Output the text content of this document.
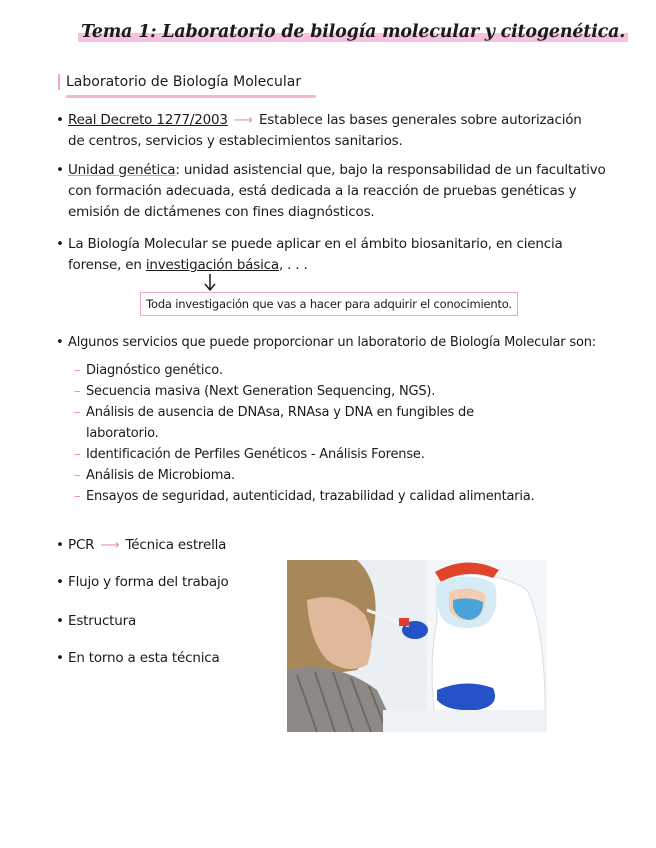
Tema 1: Laboratorio de bilogía molecular y citogenética.
Laboratorio de Biología Molecular
• Real Decreto 1277/2003 ⟶ Establece las bases generales sobre autorización
de centros, servicios y establecimientos sanitarios.
• Unidad genética: unidad asistencial que, bajo la responsabilidad de un facultativo
con formación adecuada, está dedicada a la reacción de pruebas genéticas y
emisión de dictámenes con fines diagnósticos.
• La Biología Molecular se puede aplicar en el ámbito biosanitario, en ciencia
forense, en investigación básica, . . .
Toda investigación que vas a hacer para adquirir el conocimiento.
• Algunos servicios que puede proporcionar un laboratorio de Biología Molecular son:
– Diagnóstico genético.
– Secuencia masiva (Next Generation Sequencing, NGS).
– Análisis de ausencia de DNAsa, RNAsa y DNA en fungibles de
laboratorio.
– Identificación de Perfiles Genéticos - Análisis Forense.
– Análisis de Microbioma.
– Ensayos de seguridad, autenticidad, trazabilidad y calidad alimentaria.
• PCR ⟶ Técnica estrella
• Flujo y forma del trabajo
• Estructura
• En torno a esta técnica
